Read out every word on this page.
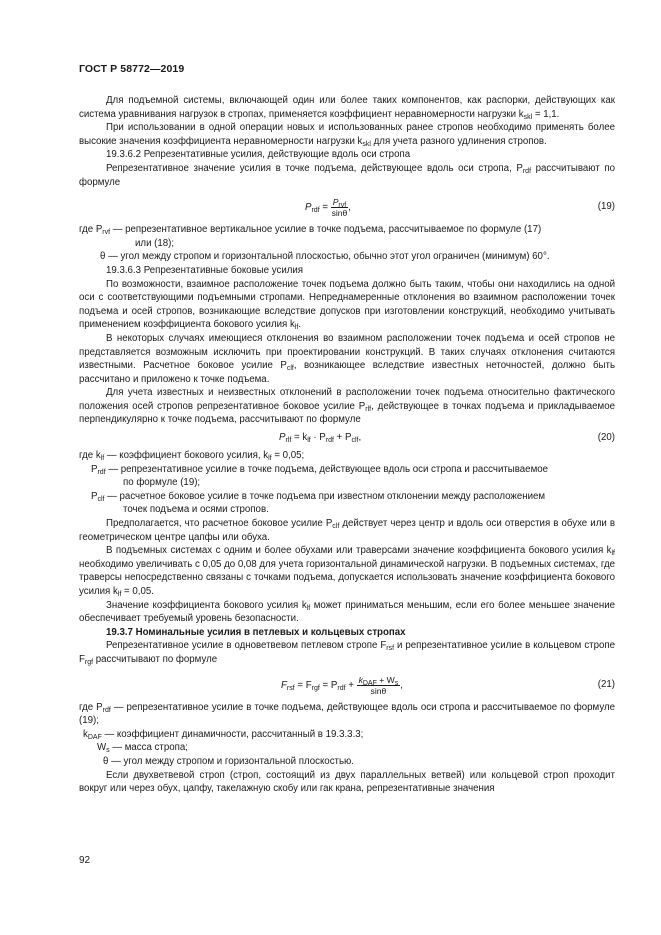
ГОСТ Р 58772—2019

Для подъемной системы, включающей один или более таких компонентов, как распорки, действующих как система уравнивания нагрузок в стропах, применяется коэффициент неравномерности нагрузки $k_{skl} = 1,1$.

При использовании в одной операции новых и использованных ранее стропов необходимо применять более высокие значения коэффициента неравномерности нагрузки $k_{skl}$ для учета разного удлинения стропов.

19.3.6.2 Репрезентативные усилия, действующие вдоль оси стропа

Репрезентативное значение усилия в точке подъема, действующее вдоль оси стропа, $P_{rdf}$ рассчитывают по формуле

$P_{rdf} = \frac{P_{rvf}}{\sin\theta}$ ,	(19)
где $P_{rvf}$ — репрезентативное вертикальное усилие в точке подъема, рассчитываемое по формуле (17)
или (18);
θ — угол между стропом и горизонтальной плоскостью, обычно этот угол ограничен (минимум) 60°.

19.3.6.3 Репрезентативные боковые усилия

По возможности, взаимное расположение точек подъема должно быть таким, чтобы они находились на одной оси с соответствующими подъемными стропами. Непреднамеренные отклонения во взаимном расположении точек подъема и осей стропов, возникающие вследствие допусков при изготовлении конструкций, необходимо учитывать применением коэффициента бокового усилия $k_{lf}$.

В некоторых случаях имеющиеся отклонения во взаимном расположении точек подъема и осей стропов не представляется возможным исключить при проектировании конструкций. В таких случаях отклонения считаются известными. Расчетное боковое усилие $P_{clf}$, возникающее вследствие известных неточностей, должно быть рассчитано и приложено к точке подъема.

Для учета известных и неизвестных отклонений в расположении точек подъема относительно фактического положения осей стропов репрезентативное боковое усилие $P_{rlf}$, действующее в точках подъема и прикладываемое перпендикулярно к точке подъема, рассчитывают по формуле

$P_{rlf} = k_{lf} \cdot P_{rdf} + P_{clf}$,	(20)
где $k_{lf}$ — коэффициент бокового усилия, $k_{lf} = 0,05$;
$P_{rdf}$ — репрезентативное усилие в точке подъема, действующее вдоль оси стропа и рассчитываемое
по формуле (19);
$P_{clf}$ — расчетное боковое усилие в точке подъема при известном отклонении между расположением
точек подъема и осями стропов.

Предполагается, что расчетное боковое усилие $P_{clf}$ действует через центр и вдоль оси отверстия в обухе или в геометрическом центре цапфы или обуха.

В подъемных системах с одним и более обухами или траверсами значение коэффициента бокового усилия $k_{lf}$ необходимо увеличивать с 0,05 до 0,08 для учета горизонтальной динамической нагрузки. В подъемных системах, где траверсы непосредственно связаны с точками подъема, допускается использовать значение коэффициента бокового усилия $k_{lf} = 0,05$.

Значение коэффициента бокового усилия $k_{lf}$ может приниматься меньшим, если его более меньшее значение обеспечивает требуемый уровень безопасности.

19.3.7 Номинальные усилия в петлевых и кольцевых стропах

Репрезентативное усилие в одноветвевом петлевом стропе $F_{rsf}$ и репрезентативное усилие в кольцевом стропе $F_{rgf}$ рассчитывают по формуле

$F_{rsf} = F_{rgf} = P_{rdf} + \frac{k_{DAF} + W_s}{\sin\theta}$ ,	(21)
где $P_{rdf}$ — репрезентативное усилие в точке подъема, действующее вдоль оси стропа и рассчитываемое по формуле (19);
$k_{DAF}$ — коэффициент динамичности, рассчитанный в 19.3.3.3;
$W_s$ — масса стропа;
θ — угол между стропом и горизонтальной плоскостью.

Если двухветвевой строп (строп, состоящий из двух параллельных ветвей) или кольцевой строп проходит вокруг или через обух, цапфу, такелажную скобу или гак крана, репрезентативные значения

92
